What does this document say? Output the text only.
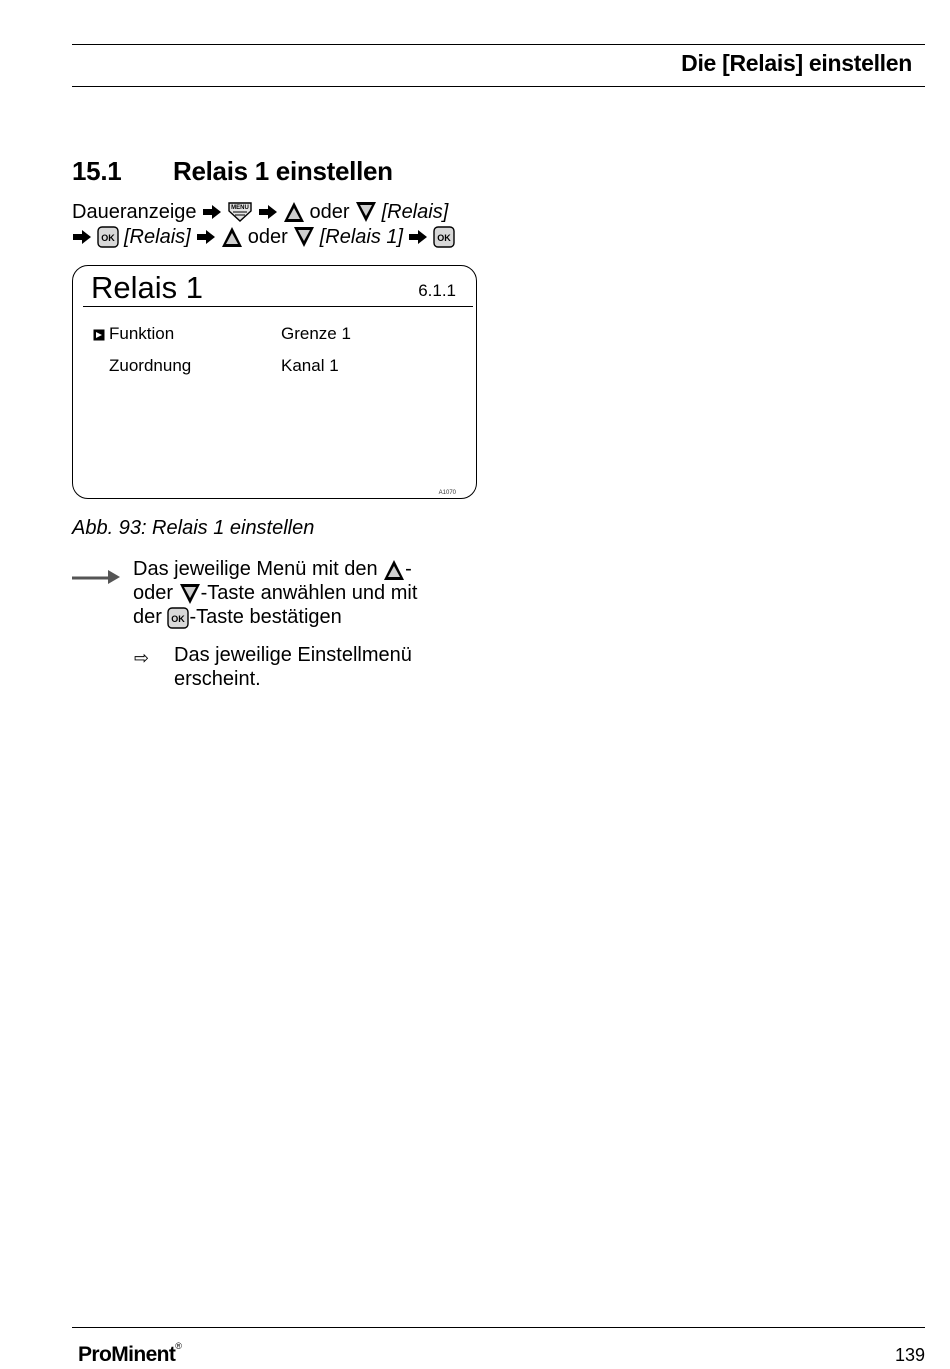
Die [Relais] einstellen
15.1 Relais 1 einstellen
Daueranzeige	MENU	oder [Relais]
OK [Relais]	oder [Relais 1]	OK
Relais 1	6.1.1
Funktion	Grenze 1
Zuordnung	Kanal 1
A1070
Abb. 93: Relais 1 einstellen
Das jeweilige Menü mit den -
oder -Taste anwählen und mit
der OK -Taste bestätigen
⇨ Das jeweilige Einstellmenü erscheint.
ProMinent®	139
